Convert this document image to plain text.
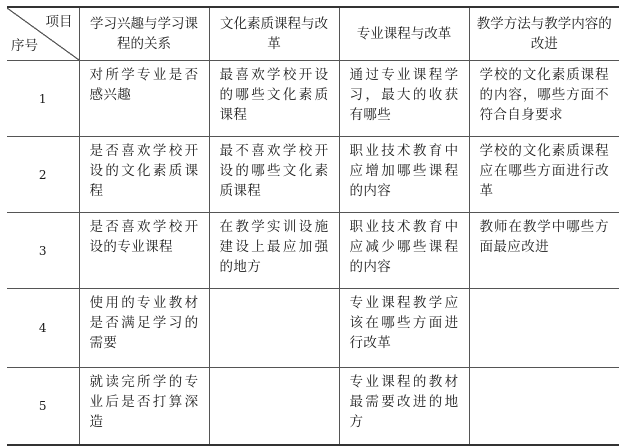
项目
序号	学习兴趣与学习课程的关系	文化素质课程与改革	专业课程与改革	教学方法与教学内容的改进
1	对所学专业是否感兴趣	最喜欢学校开设的哪些文化素质课程	通过专业课程学习，最大的收获有哪些	学校的文化素质课程的内容，哪些方面不符合自身要求

2	是否喜欢学校开设的文化素质课程	最不喜欢学校开设的哪些文化素质课程	职业技术教育中应增加哪些课程的内容	学校的文化素质课程应在哪些方面进行改革

3	是否喜欢学校开设的专业课程	在教学实训设施建设上最应加强的地方	职业技术教育中应减少哪些课程的内容	教师在教学中哪些方面最应改进

4	使用的专业教材是否满足学习的需要		专业课程教学应该在哪些方面进行改革	

5	就读完所学的专业后是否打算深造		专业课程的教材最需要改进的地方	
